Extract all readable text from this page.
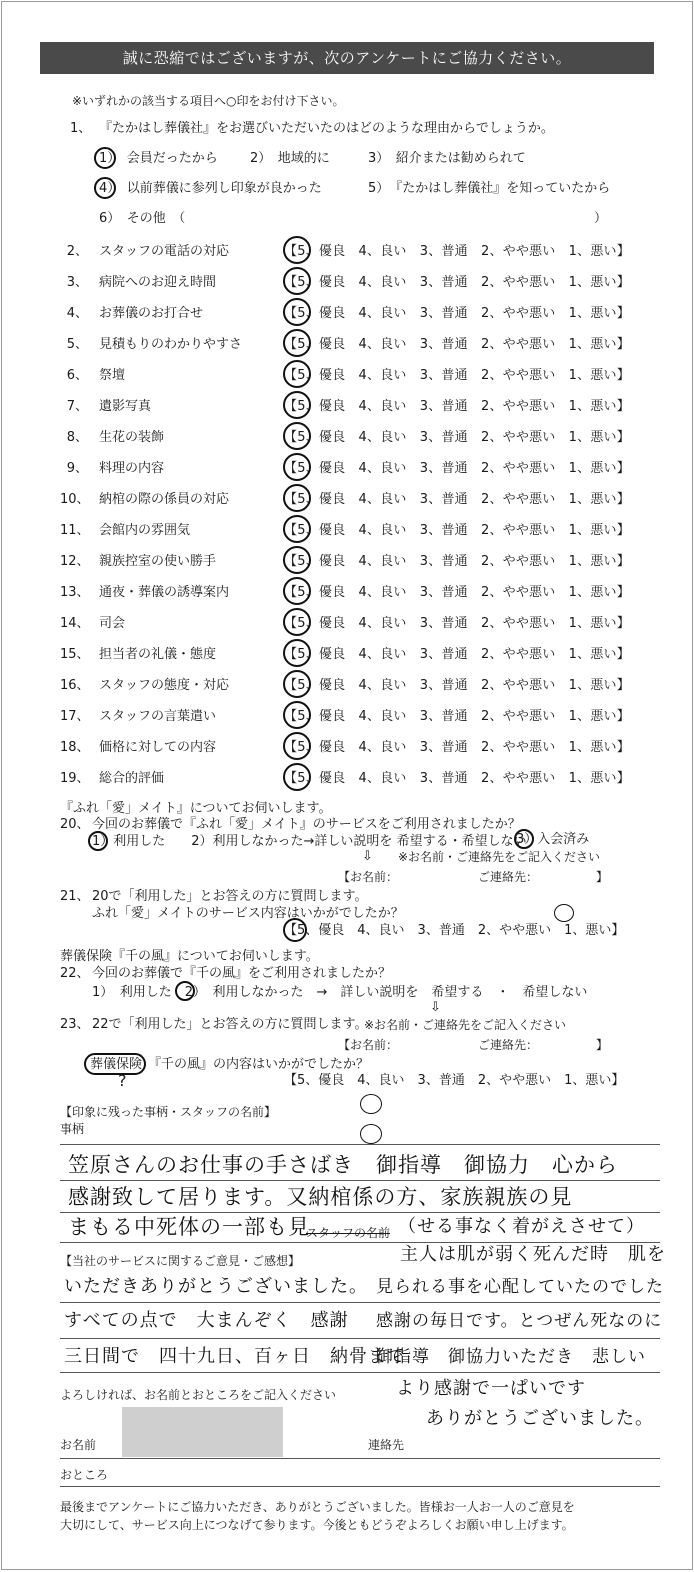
誠に恐縮ではございますが、次のアンケートにご協力ください。
※いずれかの該当する項目へ○印をお付け下さい。
1、 『たかはし葬儀社』をお選びいただいたのはどのような理由からでしょうか。
1）　会員だったから 2）　地域的に	3）　紹介または勧められて
4）　以前葬儀に参列し印象が良かった	5）　『たかはし葬儀社』を知っていたから
6）　その他　（	）
2、 スタッフの電話の対応	【5、優良　4、良い　3、普通　2、やや悪い　1、悪い】
3、 病院へのお迎え時間	【5、優良　4、良い　3、普通　2、やや悪い　1、悪い】
4、 お葬儀のお打合せ	【5、優良　4、良い　3、普通　2、やや悪い　1、悪い】
5、 見積もりのわかりやすさ	【5、優良　4、良い　3、普通　2、やや悪い　1、悪い】
6、 祭壇	【5、優良　4、良い　3、普通　2、やや悪い　1、悪い】
7、 遺影写真	【5、優良　4、良い　3、普通　2、やや悪い　1、悪い】
8、 生花の装飾	【5、優良　4、良い　3、普通　2、やや悪い　1、悪い】
9、 料理の内容	【5、優良　4、良い　3、普通　2、やや悪い　1、悪い】
10、 納棺の際の係員の対応	【5、優良　4、良い　3、普通　2、やや悪い　1、悪い】
11、 会館内の雰囲気	【5、優良　4、良い　3、普通　2、やや悪い　1、悪い】
12、 親族控室の使い勝手	【5、優良　4、良い　3、普通　2、やや悪い　1、悪い】
13、 通夜・葬儀の誘導案内	【5、優良　4、良い　3、普通　2、やや悪い　1、悪い】
14、 司会	【5、優良　4、良い　3、普通　2、やや悪い　1、悪い】
15、 担当者の礼儀・態度	【5、優良　4、良い　3、普通　2、やや悪い　1、悪い】
16、 スタッフの態度・対応	【5、優良　4、良い　3、普通　2、やや悪い　1、悪い】
17、 スタッフの言葉遣い	【5、優良　4、良い　3、普通　2、やや悪い　1、悪い】
18、 価格に対しての内容	【5、優良　4、良い　3、普通　2、やや悪い　1、悪い】
19、 総合的評価	【5、優良　4、良い　3、普通　2、やや悪い　1、悪い】
『ふれ「愛」メイト』についてお伺いします。
20、 今回のお葬儀で『ふれ「愛」メイト』のサービスをご利用されましたか？
1）利用した　　2）利用しなかった→詳しい説明を 希望する・希望しない
3）入会済み
⇩ ※お名前・ご連絡先をご記入ください
【お名前：	ご連絡先：	】
21、 20で「利用した」とお答えの方に質問します。
ふれ「愛」メイトのサービス内容はいかがでしたか？
【5、優良　4、良い　3、普通　2、やや悪い　1、悪い】
葬儀保険『千の風』についてお伺いします。
22、 今回のお葬儀で『千の風』をご利用されましたか？
1）　利用した　2）　利用しなかった　→　詳しい説明を　希望する　・　希望しない
⇩
23、 22で「利用した」とお答えの方に質問します。
※お名前・ご連絡先をご記入ください
【お名前：	ご連絡先：	】
葬儀保険 『千の風』の内容はいかがでしたか？
?	【5、優良　4、良い　3、普通　2、やや悪い　1、悪い】
【印象に残った事柄・スタッフの名前】
事柄
笠原さんのお仕事の手さばき　御指導　御協力　心から
感謝致して居ります。又納棺係の方、家族親族の見
まもる中死体の一部も見
スタッフの名前 （せる事なく着がえさせて）
【当社のサービスに関するご意見・ご感想】
いただきありがとうございました。
すべての点で　大まんぞく　感謝
三日間で　四十九日、百ヶ日　納骨まで
主人は肌が弱く死んだ時　肌を
見られる事を心配していたのでした
感謝の毎日です。とつぜん死なのに
御指導　御協力いただき　悲しい
より感謝で一ぱいです
ありがとうございました。
よろしければ、お名前とおところをご記入ください
お名前	連絡先
おところ
最後までアンケートにご協力いただき、ありがとうございました。皆様お一人お一人のご意見を
大切にして、サービス向上につなげて参ります。今後ともどうぞよろしくお願い申し上げます。
